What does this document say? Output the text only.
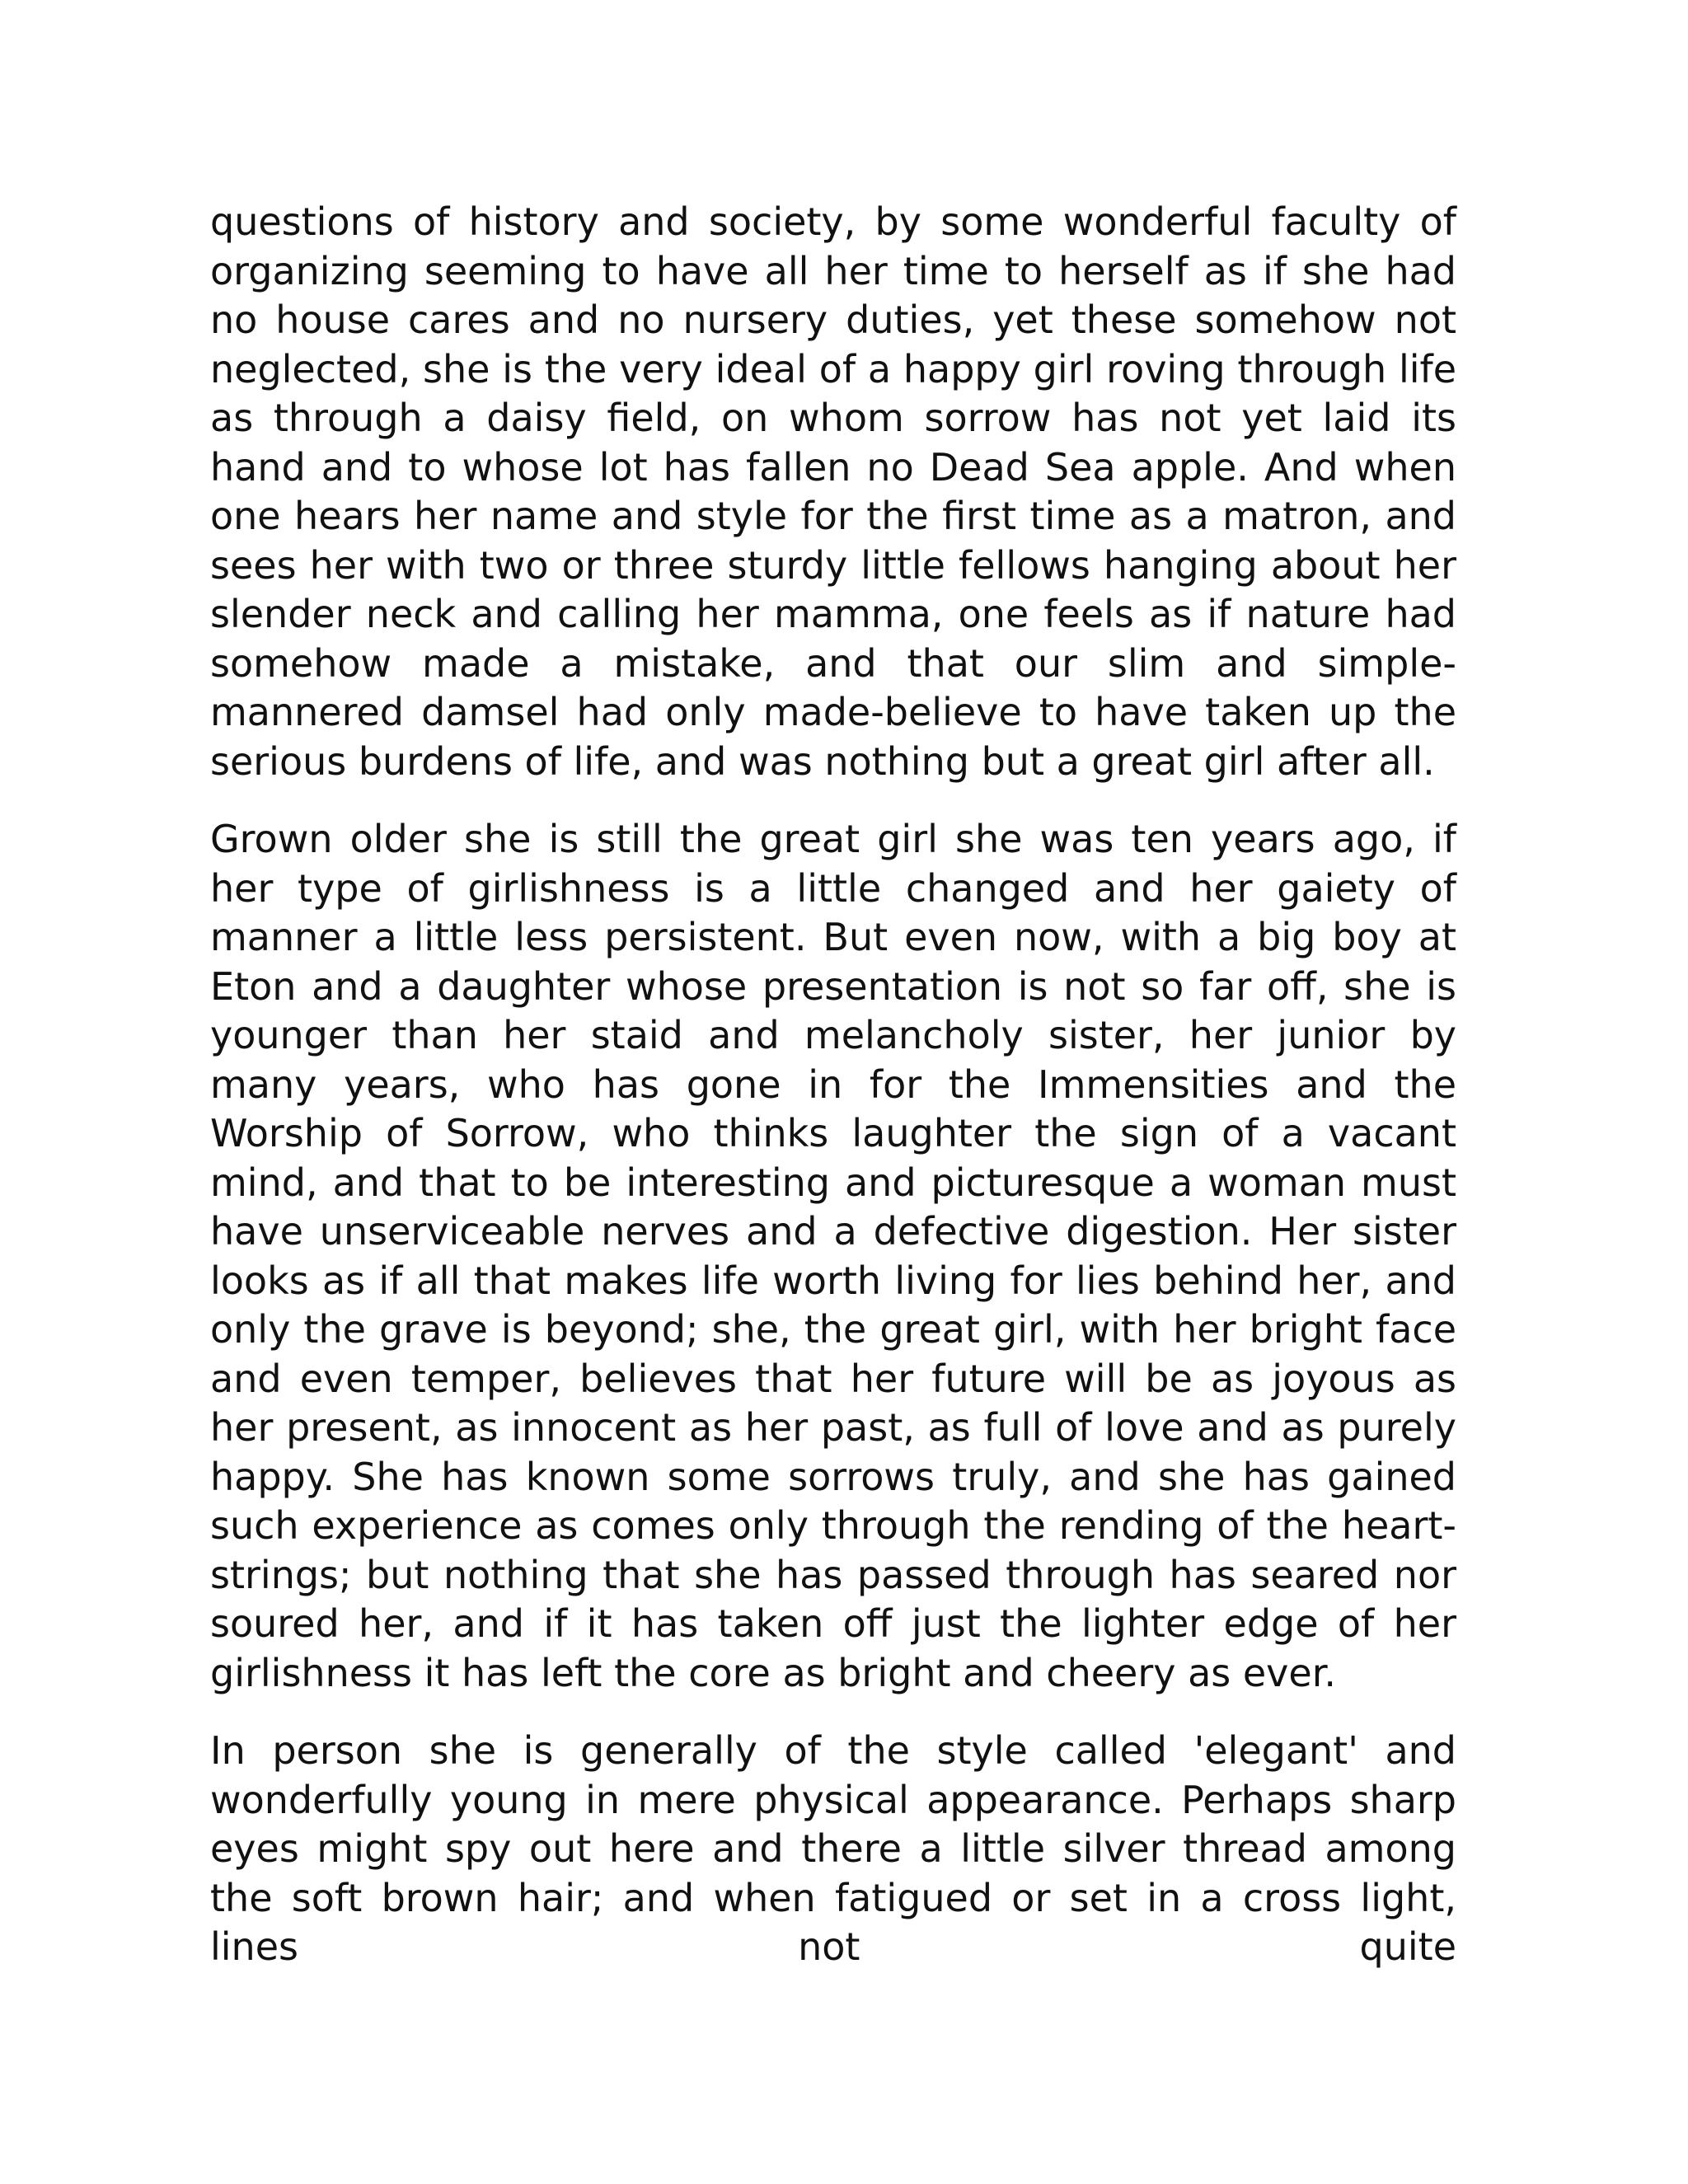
questions of history and society, by some wonderful faculty of organizing seeming to have all her time to herself as if she had no house cares and no nursery duties, yet these somehow not neglected, she is the very ideal of a happy girl roving through life as through a daisy field, on whom sorrow has not yet laid its hand and to whose lot has fallen no Dead Sea apple. And when one hears her name and style for the first time as a matron, and sees her with two or three sturdy little fellows hanging about her slender neck and calling her mamma, one feels as if nature had somehow made a mistake, and that our slim and simple-mannered damsel had only made-believe to have taken up the serious burdens of life, and was nothing but a great girl after all.

Grown older she is still the great girl she was ten years ago, if her type of girlishness is a little changed and her gaiety of manner a little less persistent. But even now, with a big boy at Eton and a daughter whose presentation is not so far off, she is younger than her staid and melancholy sister, her junior by many years, who has gone in for the Immensities and the Worship of Sorrow, who thinks laughter the sign of a vacant mind, and that to be interesting and picturesque a woman must have unserviceable nerves and a defective digestion. Her sister looks as if all that makes life worth living for lies behind her, and only the grave is beyond; she, the great girl, with her bright face and even temper, believes that her future will be as joyous as her present, as innocent as her past, as full of love and as purely happy. She has known some sorrows truly, and she has gained such experience as comes only through the rending of the heart-strings; but nothing that she has passed through has seared nor soured her, and if it has taken off just the lighter edge of her girlishness it has left the core as bright and cheery as ever.

In person she is generally of the style called 'elegant' and wonderfully young in mere physical appearance. Perhaps sharp eyes might spy out here and there a little silver thread among the soft brown hair; and when fatigued or set in a cross light, lines not quite
